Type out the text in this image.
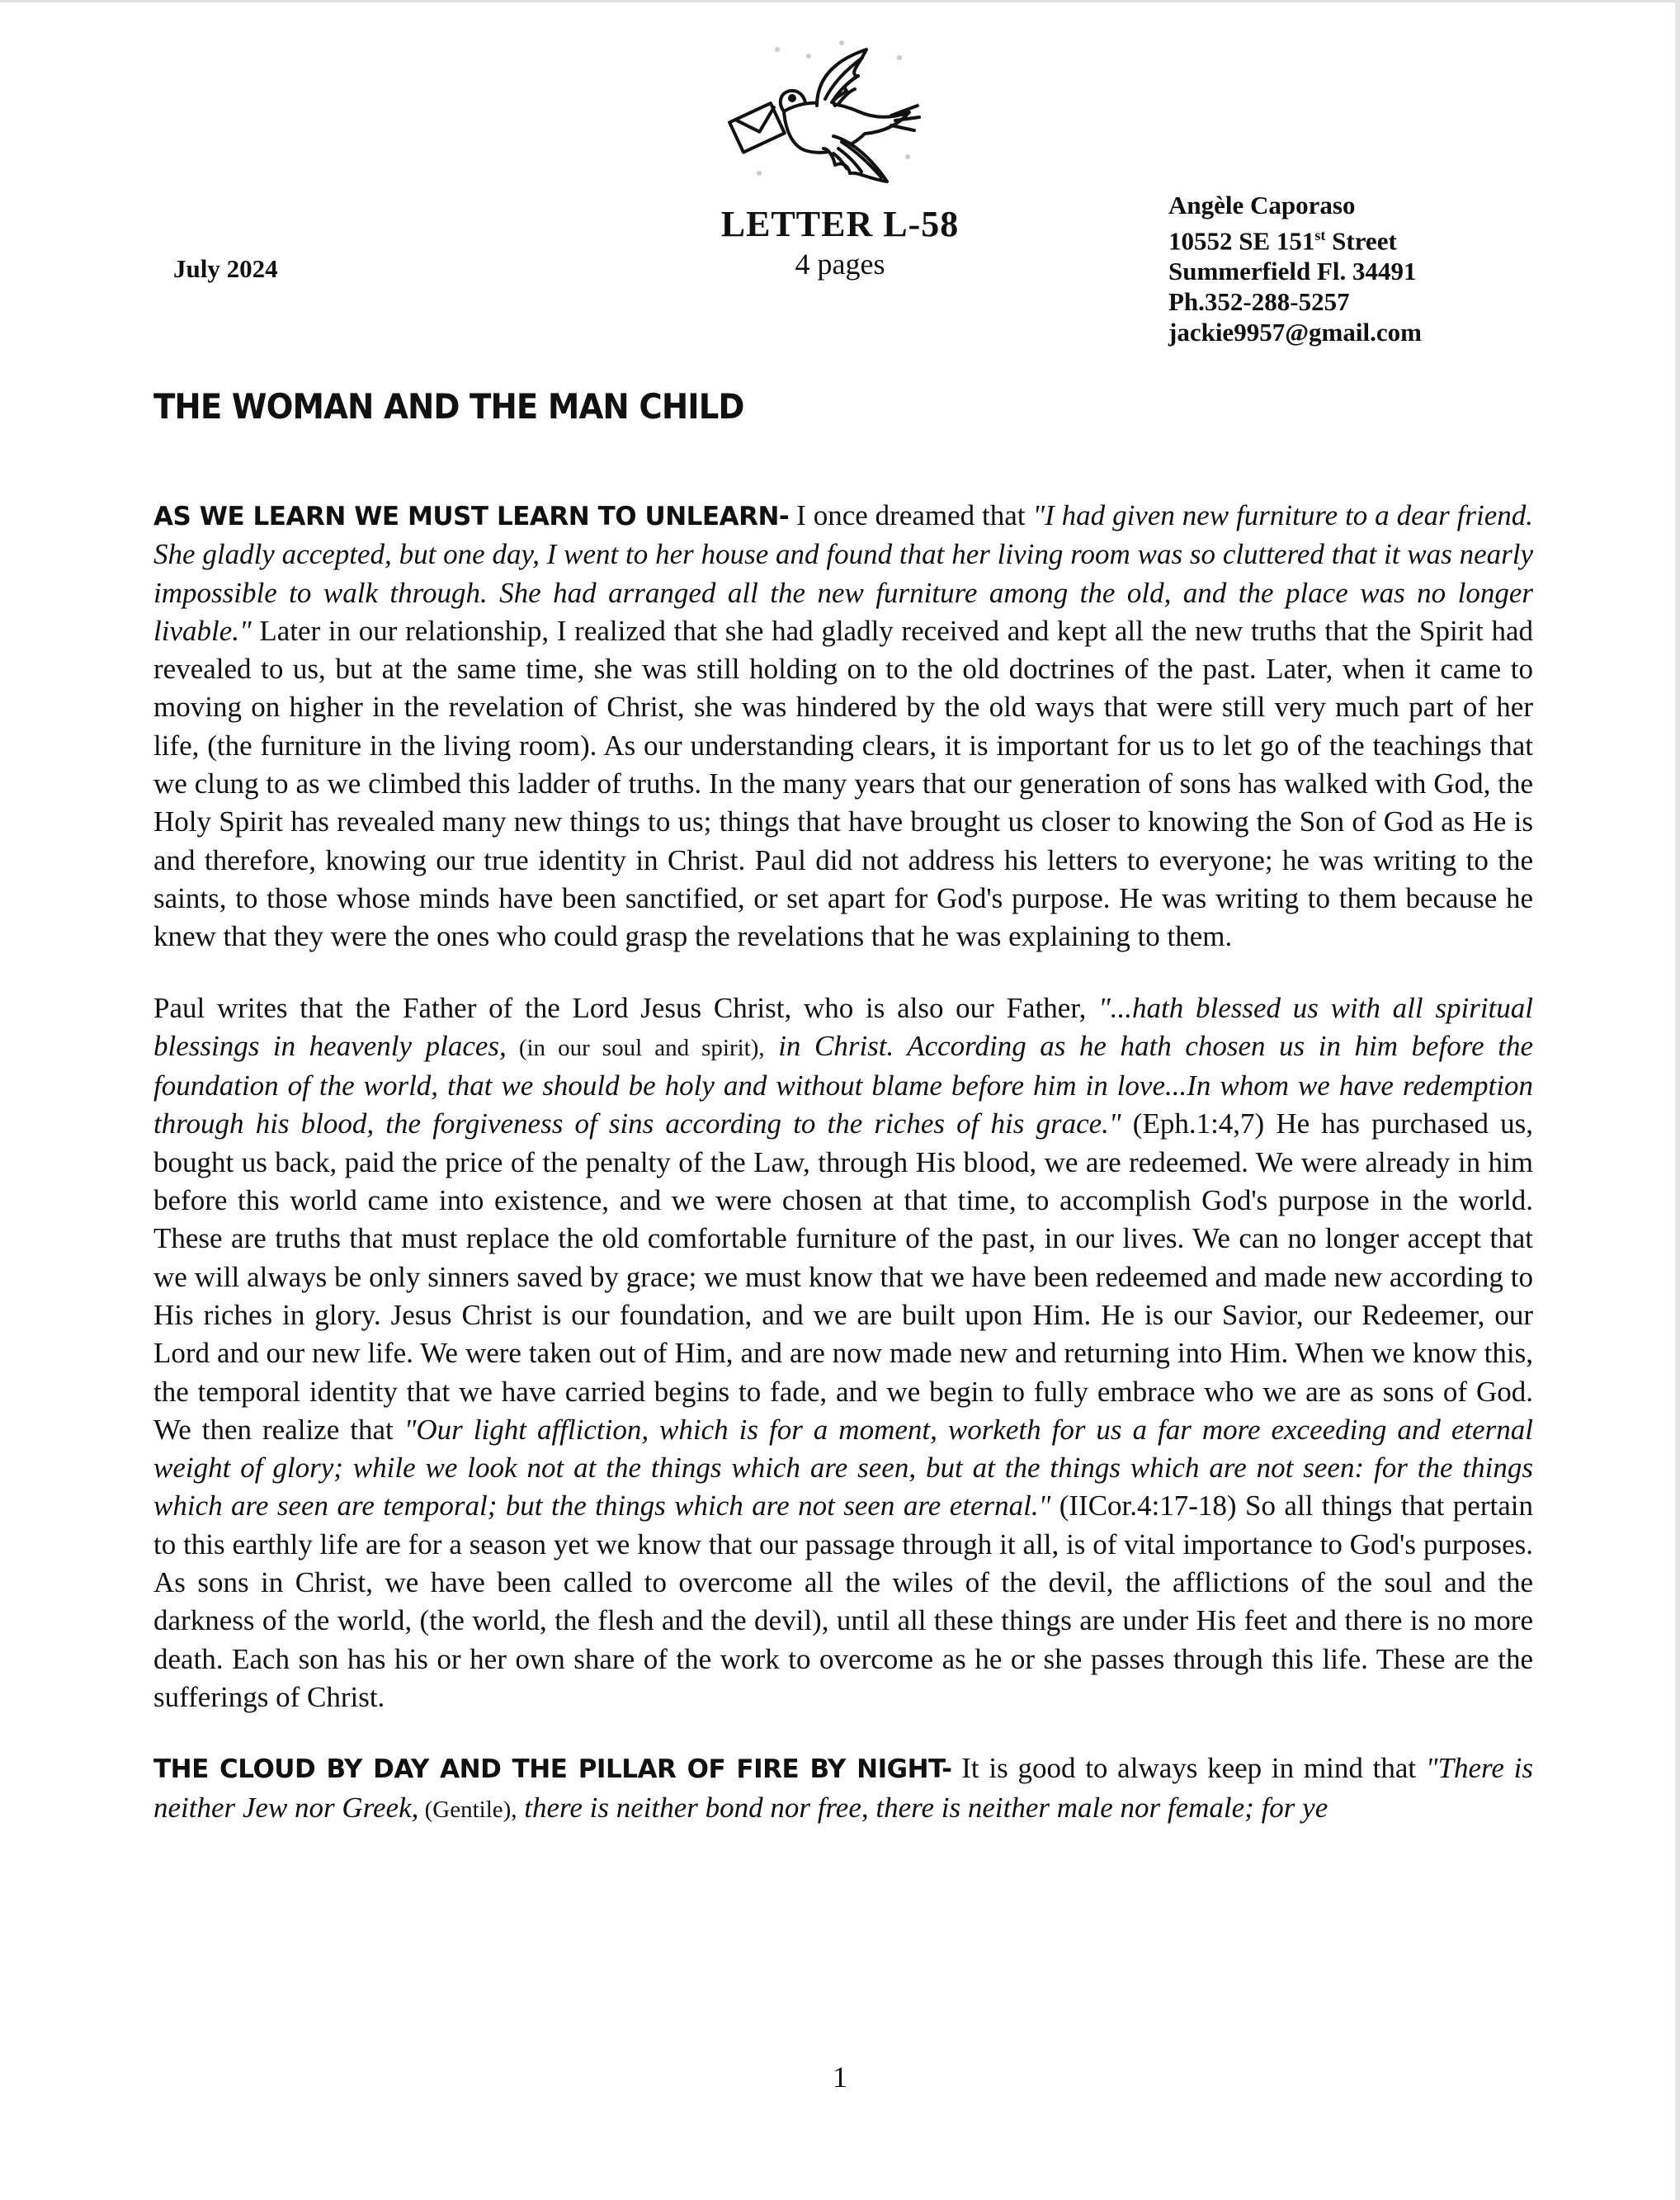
July 2024
LETTER L-58
4 pages
Angèle Caporaso
10552 SE 151st Street
Summerfield Fl. 34491
Ph.352-288-5257
jackie9957@gmail.com
THE WOMAN AND THE MAN CHILD

AS WE LEARN WE MUST LEARN TO UNLEARN- I once dreamed that "I had given new furniture to a dear friend. She gladly accepted, but one day, I went to her house and found that her living room was so cluttered that it was nearly impossible to walk through. She had arranged all the new furniture among the old, and the place was no longer livable." Later in our relationship, I realized that she had gladly received and kept all the new truths that the Spirit had revealed to us, but at the same time, she was still holding on to the old doctrines of the past. Later, when it came to moving on higher in the revelation of Christ, she was hindered by the old ways that were still very much part of her life, (the furniture in the living room). As our understanding clears, it is important for us to let go of the teachings that we clung to as we climbed this ladder of truths. In the many years that our generation of sons has walked with God, the Holy Spirit has revealed many new things to us; things that have brought us closer to knowing the Son of God as He is and therefore, knowing our true identity in Christ. Paul did not address his letters to everyone; he was writing to the saints, to those whose minds have been sanctified, or set apart for God's purpose. He was writing to them because he knew that they were the ones who could grasp the revelations that he was explaining to them.

Paul writes that the Father of the Lord Jesus Christ, who is also our Father, "...hath blessed us with all spiritual blessings in heavenly places, (in our soul and spirit), in Christ. According as he hath chosen us in him before the foundation of the world, that we should be holy and without blame before him in love...In whom we have redemption through his blood, the forgiveness of sins according to the riches of his grace." (Eph.1:4,7) He has purchased us, bought us back, paid the price of the penalty of the Law, through His blood, we are redeemed. We were already in him before this world came into existence, and we were chosen at that time, to accomplish God's purpose in the world. These are truths that must replace the old comfortable furniture of the past, in our lives. We can no longer accept that we will always be only sinners saved by grace; we must know that we have been redeemed and made new according to His riches in glory. Jesus Christ is our foundation, and we are built upon Him. He is our Savior, our Redeemer, our Lord and our new life. We were taken out of Him, and are now made new and returning into Him. When we know this, the temporal identity that we have carried begins to fade, and we begin to fully embrace who we are as sons of God. We then realize that "Our light affliction, which is for a moment, worketh for us a far more exceeding and eternal weight of glory; while we look not at the things which are seen, but at the things which are not seen: for the things which are seen are temporal; but the things which are not seen are eternal." (IICor.4:17-18) So all things that pertain to this earthly life are for a season yet we know that our passage through it all, is of vital importance to God's purposes. As sons in Christ, we have been called to overcome all the wiles of the devil, the afflictions of the soul and the darkness of the world, (the world, the flesh and the devil), until all these things are under His feet and there is no more death. Each son has his or her own share of the work to overcome as he or she passes through this life. These are the sufferings of Christ.

THE CLOUD BY DAY AND THE PILLAR OF FIRE BY NIGHT- It is good to always keep in mind that "There is neither Jew nor Greek, (Gentile), there is neither bond nor free, there is neither male nor female; for ye

1
